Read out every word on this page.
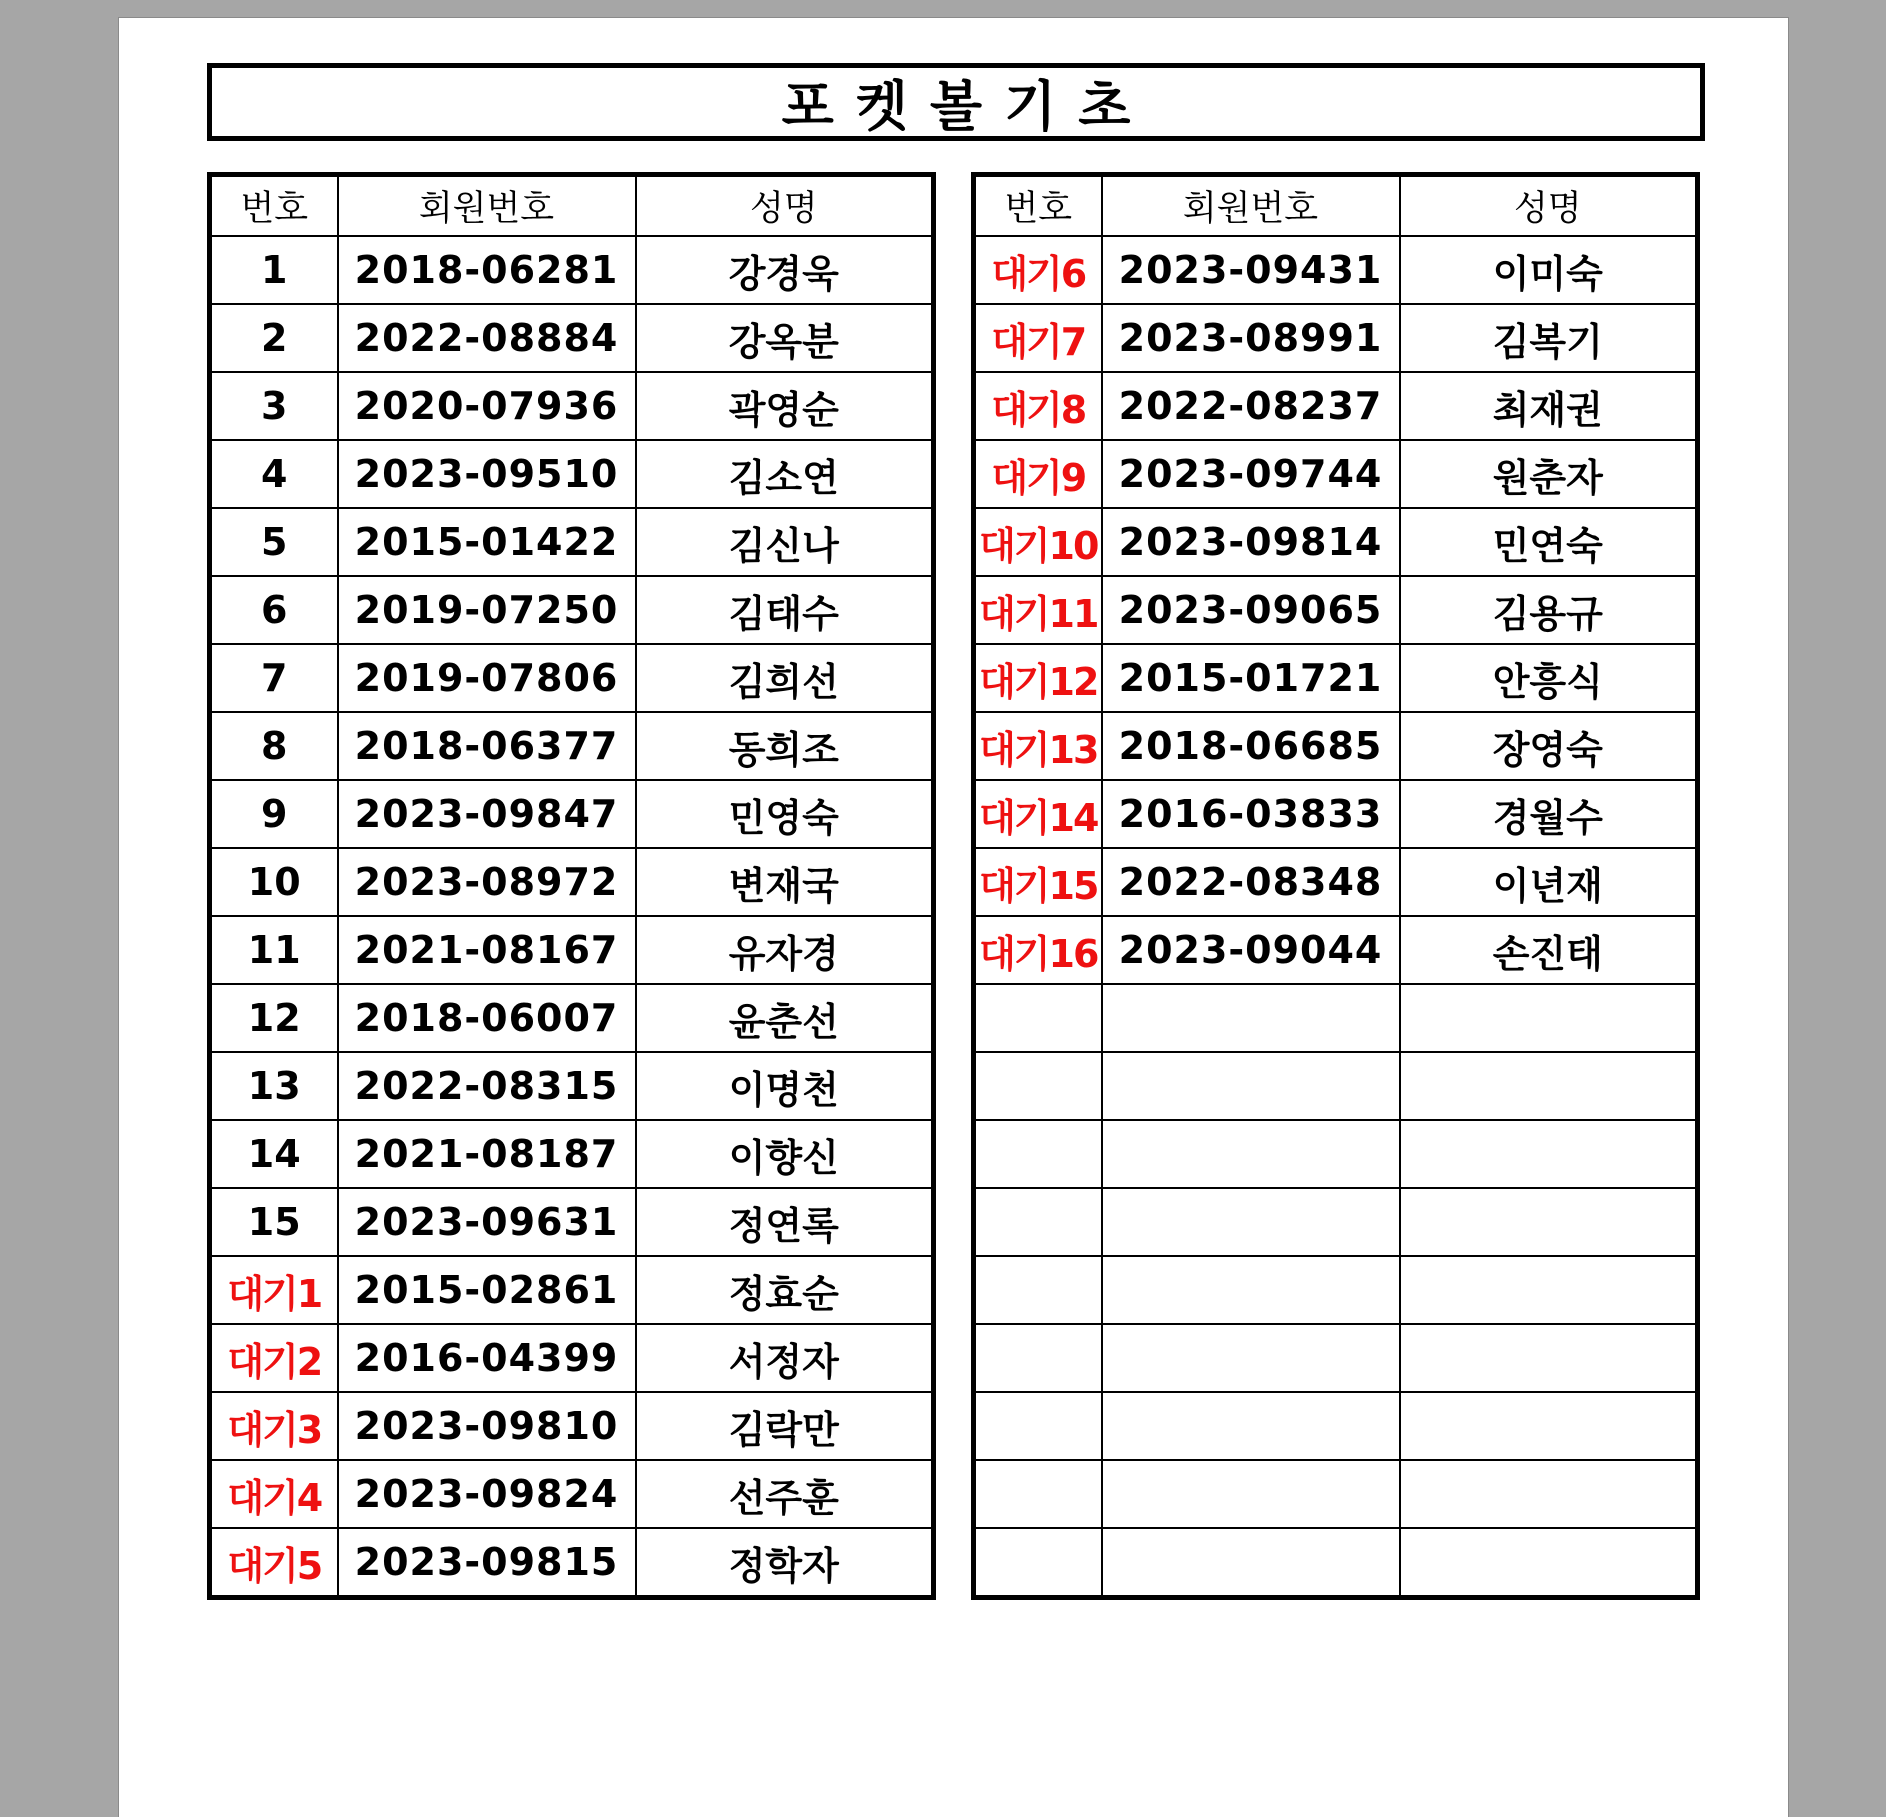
포켓볼기초
번호	회원번호	성명
1	2018-06281	강경욱
2	2022-08884	강옥분
3	2020-07936	곽영순
4	2023-09510	김소연
5	2015-01422	김신나
6	2019-07250	김태수
7	2019-07806	김희선
8	2018-06377	동희조
9	2023-09847	민영숙
10	2023-08972	변재국
11	2021-08167	유자경
12	2018-06007	윤춘선
13	2022-08315	이명천
14	2021-08187	이향신
15	2023-09631	정연록
대기1	2015-02861	정효순
대기2	2016-04399	서정자
대기3	2023-09810	김락만
대기4	2023-09824	선주훈
대기5	2023-09815	정학자
번호	회원번호	성명
대기6	2023-09431	이미숙
대기7	2023-08991	김복기
대기8	2022-08237	최재권
대기9	2023-09744	원춘자
대기10	2023-09814	민연숙
대기11	2023-09065	김용규
대기12	2015-01721	안흥식
대기13	2018-06685	장영숙
대기14	2016-03833	경월수
대기15	2022-08348	이년재
대기16	2023-09044	손진태
